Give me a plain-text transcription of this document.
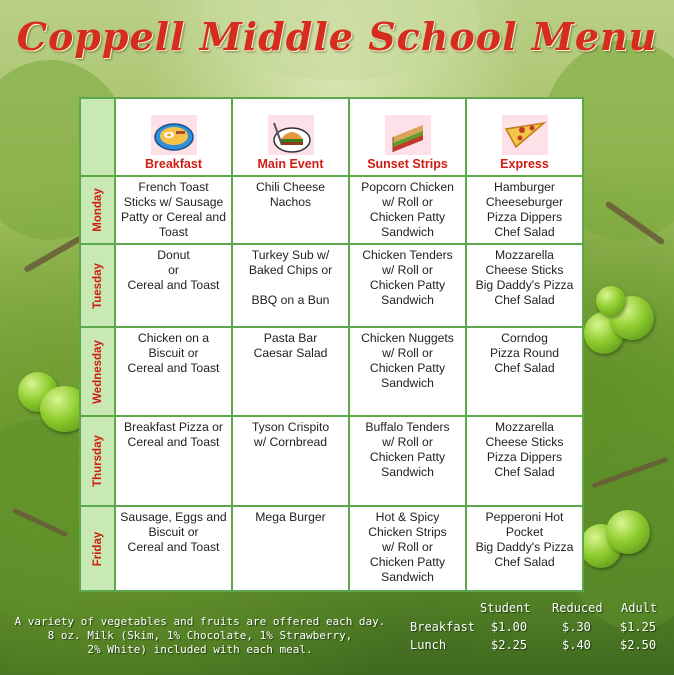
Coppell Middle School Menu

	Breakfast	Main Event	Sunset Strips	Express

Monday	French Toast
Sticks w/ Sausage
Patty or Cereal and
Toast	Chili Cheese
Nachos	Popcorn Chicken
w/ Roll or
Chicken Patty
Sandwich	Hamburger
Cheeseburger
Pizza Dippers
Chef Salad

Tuesday	Donut
or
Cereal and Toast	Turkey Sub w/
Baked Chips or

BBQ on a Bun	Chicken Tenders
w/ Roll or
Chicken Patty
Sandwich	Mozzarella
Cheese Sticks
Big Daddy's Pizza
Chef Salad

Wednesday	Chicken on a
Biscuit or
Cereal and Toast	Pasta Bar
Caesar Salad	Chicken Nuggets
w/ Roll or
Chicken Patty
Sandwich	Corndog
Pizza Round
Chef Salad

Thursday	Breakfast Pizza or
Cereal and Toast	Tyson Crispito
w/ Cornbread	Buffalo Tenders
w/ Roll or
Chicken Patty
Sandwich	Mozzarella
Cheese Sticks
Pizza Dippers
Chef Salad

Friday	Sausage, Eggs and
Biscuit or
Cereal and Toast	Mega Burger	Hot & Spicy
Chicken Strips
w/ Roll or
Chicken Patty
Sandwich	Pepperoni Hot
Pocket
Big Daddy's Pizza
Chef Salad
A variety of vegetables and fruits are offered each day.
8 oz. Milk (Skim, 1% Chocolate, 1% Strawberry,
2% White) included with each meal.
Student Reduced Adult
Breakfast $1.00	$.30 $1.25
Lunch	$2.25	$.40 $2.50
